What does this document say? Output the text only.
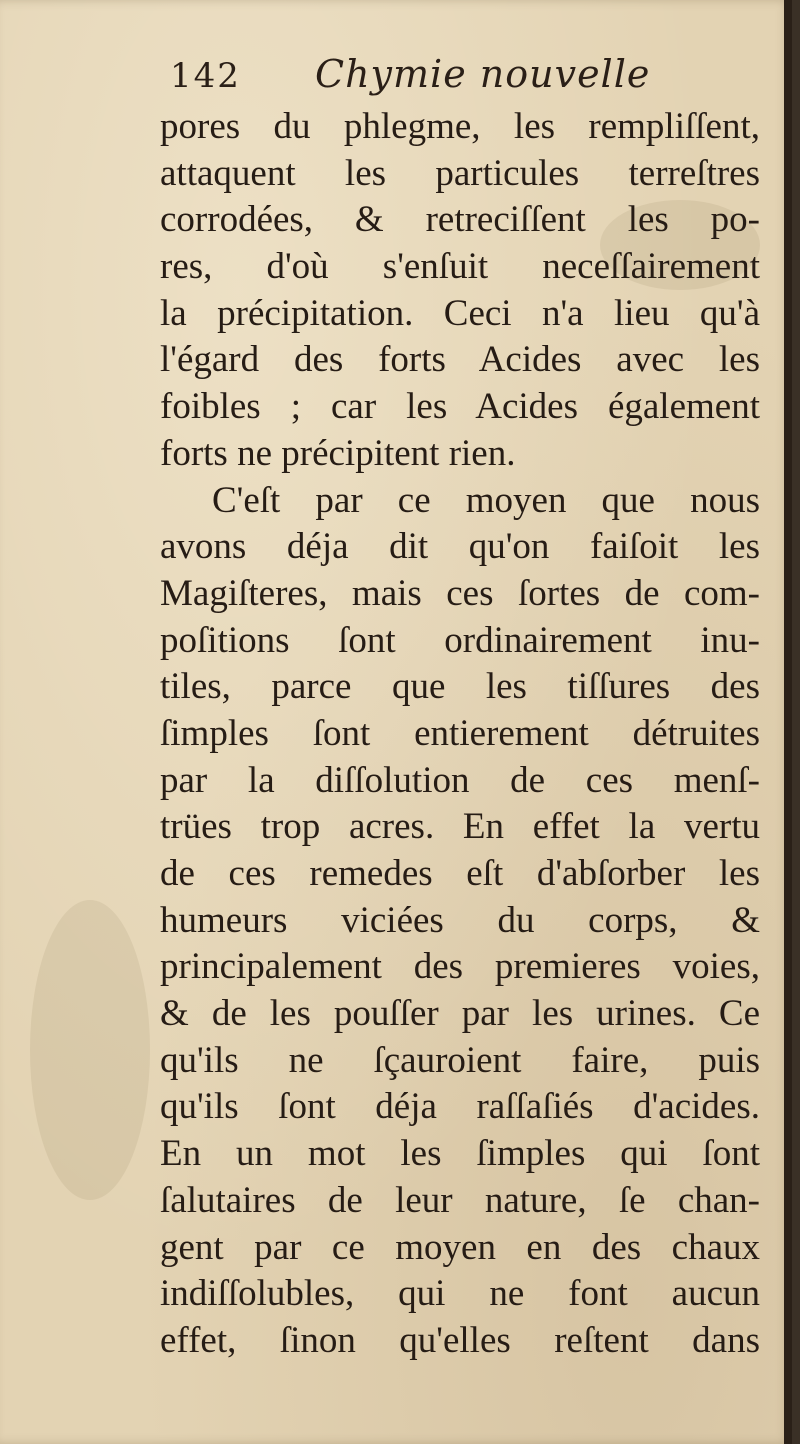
142 Chymie nouvelle
pores du phlegme, les rempliſſent,
attaquent les particules terreſtres
corrodées, & retreciſſent les po-
res, d'où s'enſuit neceſſairement
la précipitation. Ceci n'a lieu qu'à
l'égard des forts Acides avec les
foibles ; car les Acides également
forts ne précipitent rien.
C'eſt par ce moyen que nous
avons déja dit qu'on faiſoit les
Magiſteres, mais ces ſortes de com-
poſitions ſont ordinairement inu-
tiles, parce que les tiſſures des
ſimples ſont entierement détruites
par la diſſolution de ces menſ-
trües trop acres. En effet la vertu
de ces remedes eſt d'abſorber les
humeurs viciées du corps, &
principalement des premieres voies,
& de les pouſſer par les urines. Ce
qu'ils ne ſçauroient faire, puis
qu'ils ſont déja raſſaſiés d'acides.
En un mot les ſimples qui ſont
ſalutaires de leur nature, ſe chan-
gent par ce moyen en des chaux
indiſſolubles, qui ne font aucun
effet, ſinon qu'elles reſtent dans
